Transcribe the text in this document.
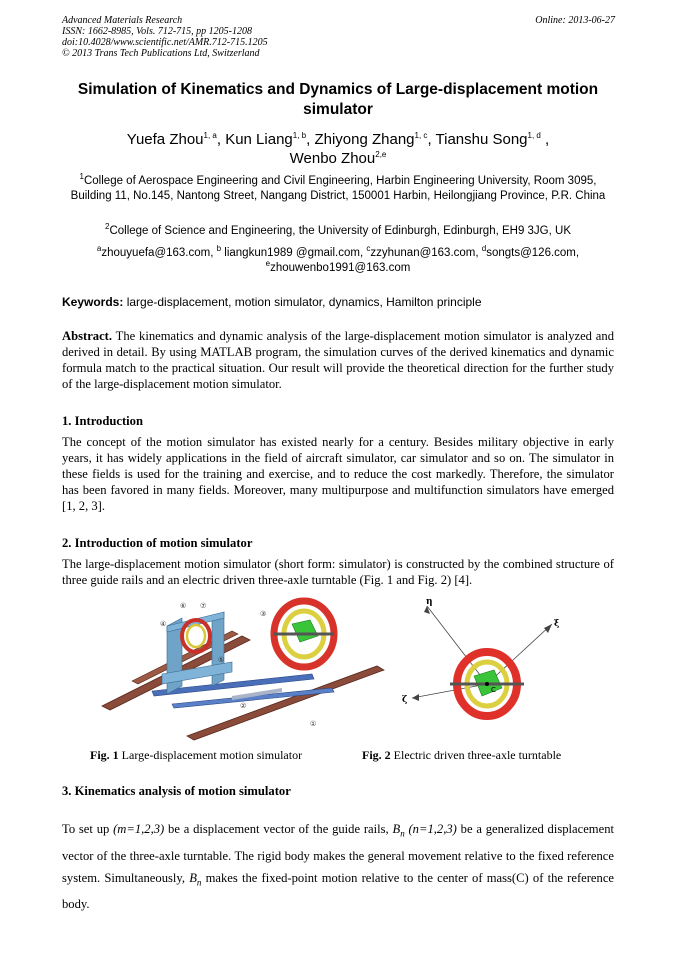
Advanced Materials Research
ISSN: 1662-8985, Vols. 712-715, pp 1205-1208
doi:10.4028/www.scientific.net/AMR.712-715.1205
© 2013 Trans Tech Publications Ltd, Switzerland
Online: 2013-06-27
Simulation of Kinematics and Dynamics of Large-displacement motion simulator
Yuefa Zhou$^{1, a}$, Kun Liang$^{1, b}$, Zhiyong Zhang$^{1, c}$, Tianshu Song$^{1, d}$ ,
Wenbo Zhou$^{2,e}$
$^1$College of Aerospace Engineering and Civil Engineering, Harbin Engineering University, Room 3095, Building 11, No.145, Nantong Street, Nangang District, 150001 Harbin, Heilongjiang Province, P.R. China
$^2$College of Science and Engineering, the University of Edinburgh, Edinburgh, EH9 3JG, UK
$^a$zhouyuefa@163.com, $^b$ liangkun1989 @gmail.com, $^c$zzyhunan@163.com, $^d$songts@126.com,
$^e$zhouwenbo1991@163.com
Keywords: large-displacement, motion simulator, dynamics, Hamilton principle
Abstract. The kinematics and dynamic analysis of the large-displacement motion simulator is analyzed and derived in detail. By using MATLAB program, the simulation curves of the derived kinematics and dynamic formula match to the practical situation. Our result will provide the theoretical direction for the further study of the large-displacement motion simulator.
1. Introduction
The concept of the motion simulator has existed nearly for a century. Besides military objective in early years, it has widely applications in the field of aircraft simulator, car simulator and so on. The simulator in these fields is used for the training and exercise, and to reduce the cost markedly. Therefore, the simulator has been favored in many fields. Moreover, many multipurpose and multifunction simulators have emerged [1, 2, 3].
2. Introduction of motion simulator
The large-displacement motion simulator (short form: simulator) is constructed by the combined structure of three guide rails and an electric driven three-axle turntable (Fig. 1 and Fig. 2) [4].
⑥ ⑦
④
③
⑤
②
①
η
ξ
ζ
C
Fig. 1 Large-displacement motion simulator	Fig. 2 Electric driven three-axle turntable
3. Kinematics analysis of motion simulator
To set up (m=1,2,3) be a displacement vector of the guide rails, $B_n$ (n=1,2,3) be a generalized displacement vector of the three-axle turntable. The rigid body makes the general movement relative to the fixed reference system. Simultaneously, $B_n$ makes the fixed-point motion relative to the center of mass(C) of the reference body.
